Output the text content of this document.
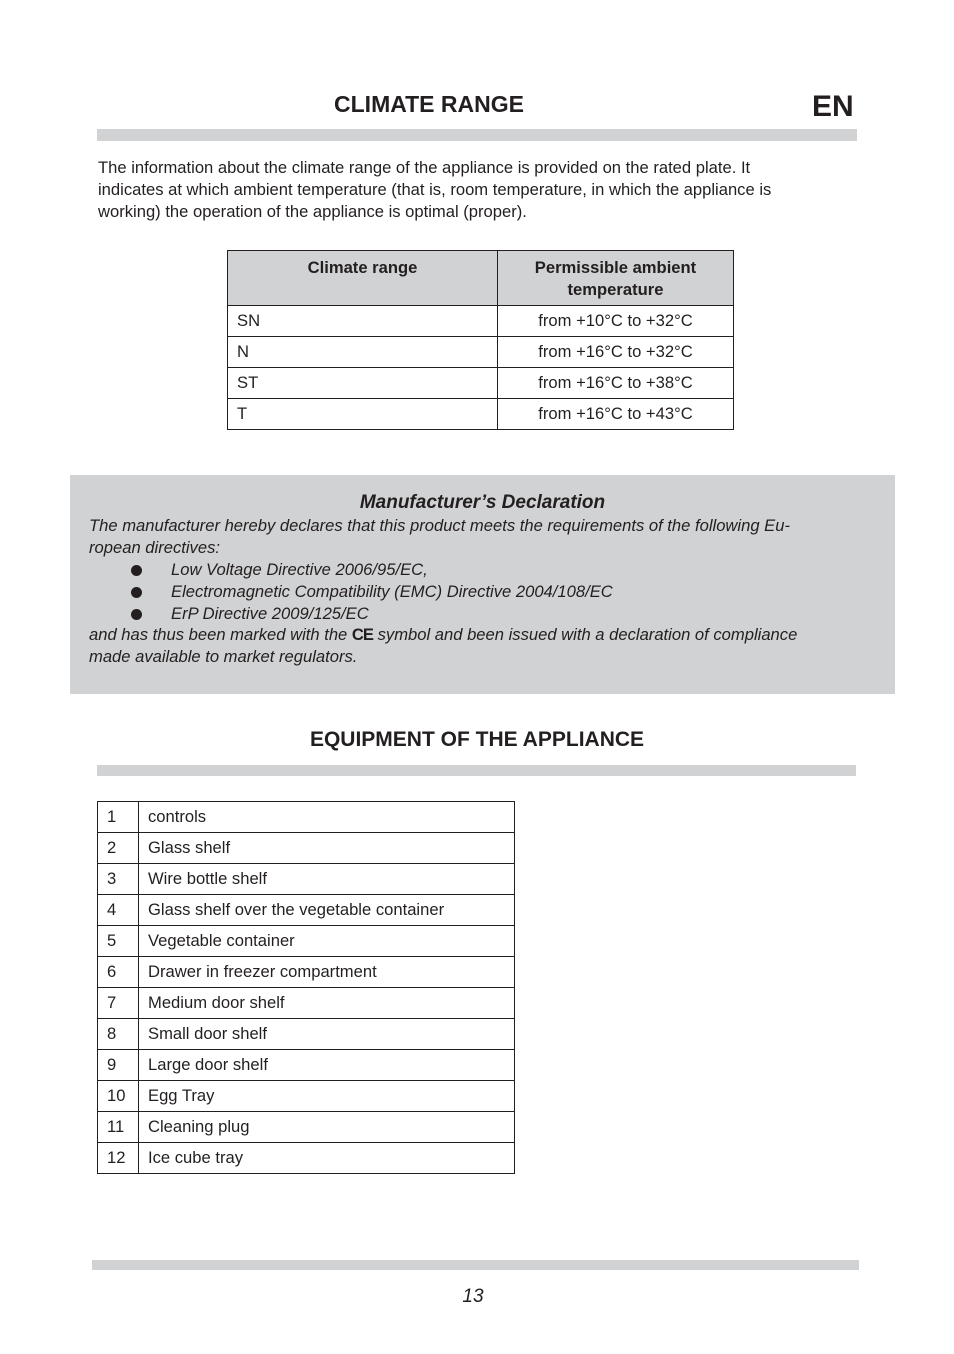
CLIMATE RANGE	EN
The information about the climate range of the appliance is provided on the rated plate. It
indicates at which ambient temperature (that is, room temperature, in which the appliance is
working) the operation of the appliance is optimal (proper).
Climate range	Permissible ambient temperature
SN	from +10°C to +32°C
N	from +16°C to +32°C
ST	from +16°C to +38°C
T	from +16°C to +43°C
Manufacturer’s Declaration
The manufacturer hereby declares that this product meets the requirements of the following Eu-
ropean directives:
Low Voltage Directive 2006/95/EC,
Electromagnetic Compatibility (EMC) Directive 2004/108/EC
ErP Directive 2009/125/EC
and has thus been marked with the CE symbol and been issued with a declaration of compliance
made available to market regulators.
EQUIPMENT OF THE APPLIANCE
1	controls
2	Glass shelf
3	Wire bottle shelf
4	Glass shelf over the vegetable container
5	Vegetable container
6	Drawer in freezer compartment
7	Medium door shelf
8	Small door shelf
9	Large door shelf
10	Egg Tray
11	Cleaning plug
12	Ice cube tray
13
